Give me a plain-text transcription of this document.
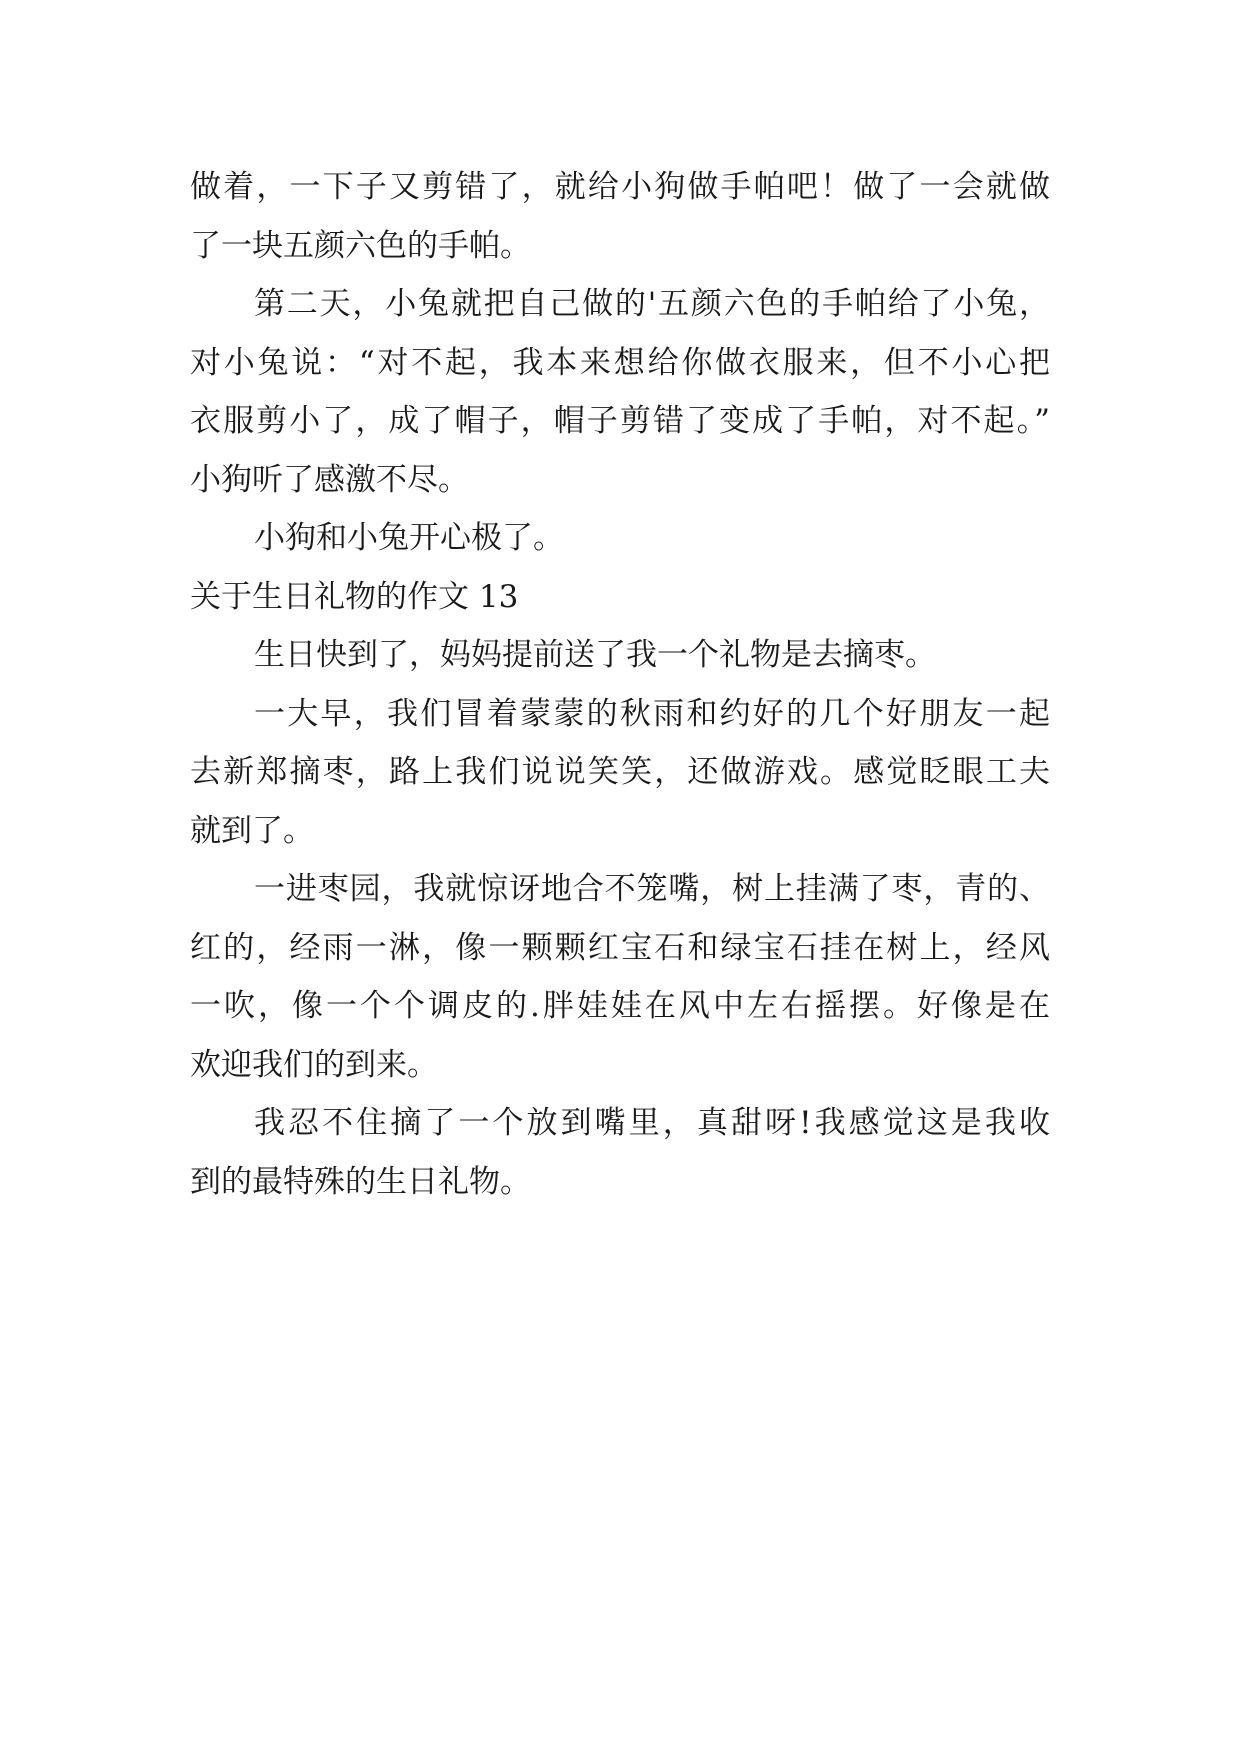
做着，一下子又剪错了，就给小狗做手帕吧！做了一会就做
了一块五颜六色的手帕。
第二天，小兔就把自己做的'五颜六色的手帕给了小兔，
对小兔说：“对不起，我本来想给你做衣服来，但不小心把
衣服剪小了，成了帽子，帽子剪错了变成了手帕，对不起。”
小狗听了感激不尽。
小狗和小兔开心极了。
关于生日礼物的作文 13
生日快到了，妈妈提前送了我一个礼物是去摘枣。
一大早，我们冒着蒙蒙的秋雨和约好的几个好朋友一起
去新郑摘枣，路上我们说说笑笑，还做游戏。感觉眨眼工夫
就到了。
一进枣园，我就惊讶地合不笼嘴，树上挂满了枣，青的、
红的，经雨一淋，像一颗颗红宝石和绿宝石挂在树上，经风
一吹，像一个个调皮的.胖娃娃在风中左右摇摆。好像是在
欢迎我们的到来。
我忍不住摘了一个放到嘴里，真甜呀!我感觉这是我收
到的最特殊的生日礼物。
